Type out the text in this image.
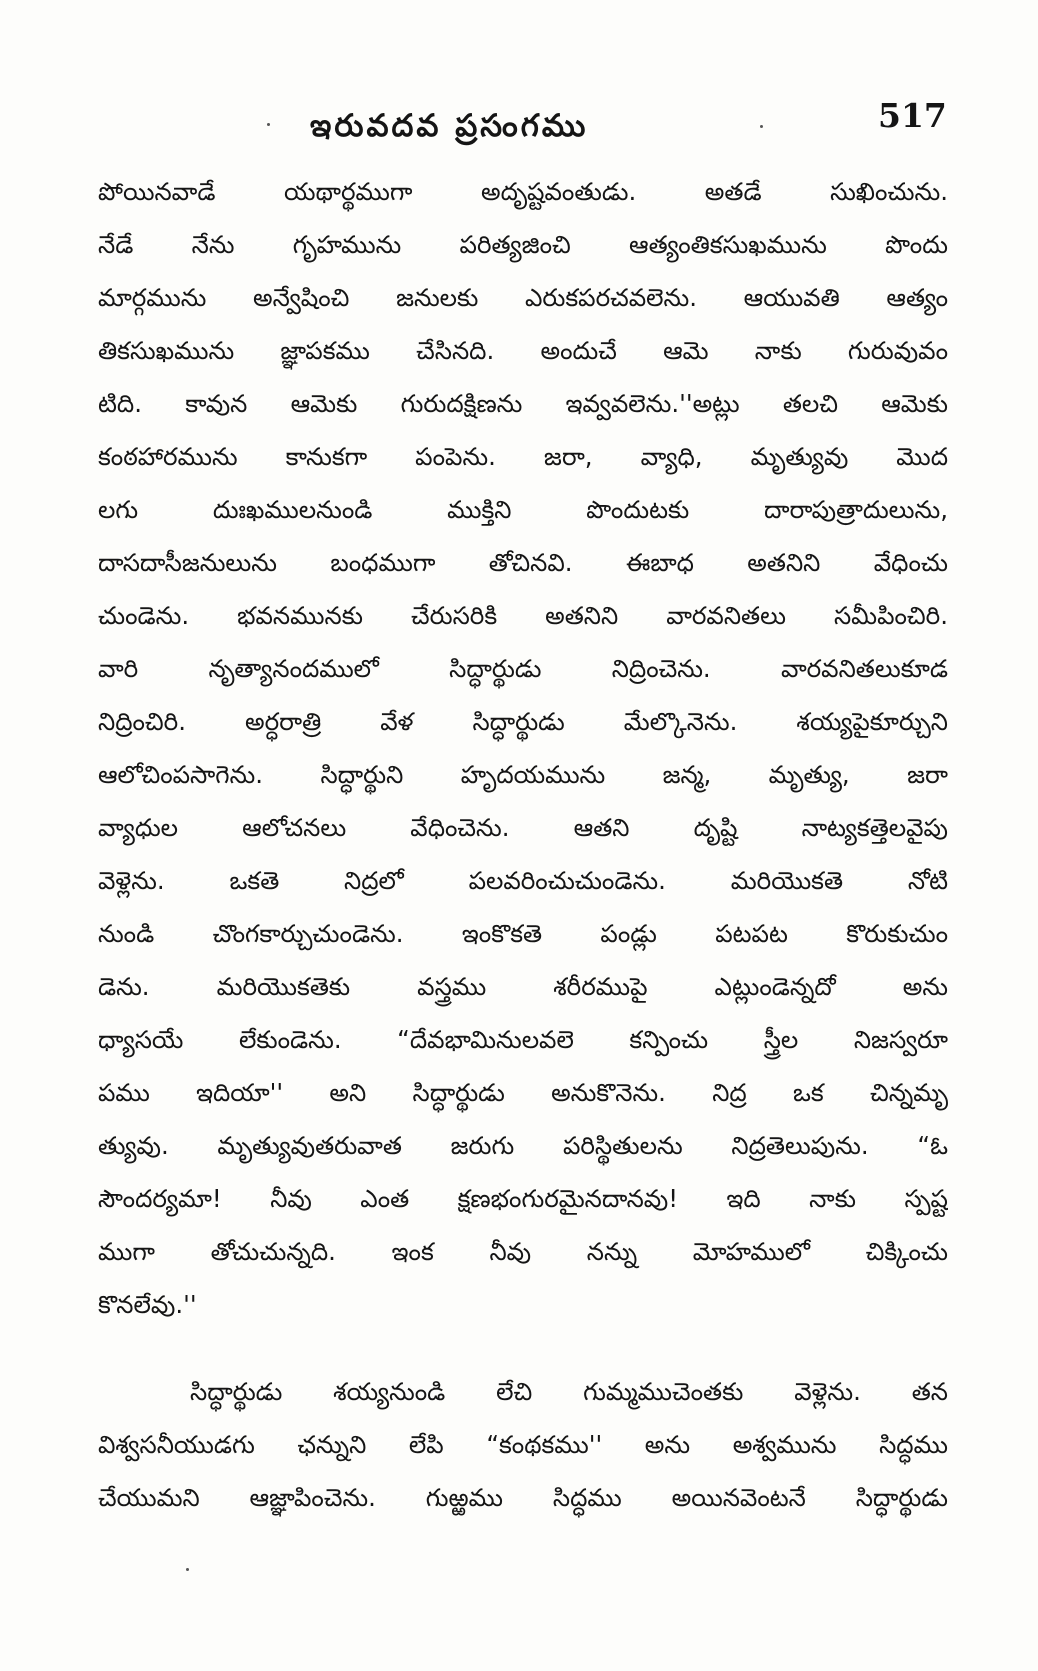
ఇరువదవ ప్రసంగము	517
పోయినవాడే యథార్థముగా అదృష్టవంతుడు. అతడే సుఖించును.
నేడే నేను గృహమును పరిత్యజించి ఆత్యంతికసుఖమును పొందు
మార్గమును అన్వేషించి జనులకు ఎరుకపరచవలెను. ఆయువతి ఆత్యం
తికసుఖమును జ్ఞాపకము చేసినది. అందుచే ఆమె నాకు గురువువం
టిది. కావున ఆమెకు గురుదక్షిణను ఇవ్వవలెను.''అట్లు తలచి ఆమెకు
కంఠహారమును కానుకగా పంపెను. జరా, వ్యాధి, మృత్యువు మొద
లగు దుఃఖములనుండి ముక్తిని పొందుటకు దారాపుత్రాదులును,
దాసదాసీజనులును బంధముగా తోచినవి. ఈబాధ అతనిని వేధించు
చుండెను. భవనమునకు చేరుసరికి అతనిని వారవనితలు సమీపించిరి.
వారి నృత్యానందములో సిద్ధార్థుడు నిద్రించెను. వారవనితలుకూడ
నిద్రించిరి. అర్ధరాత్రి వేళ సిద్ధార్థుడు మేల్కొనెను. శయ్యపైకూర్చుని
ఆలోచింపసాగెను. సిద్ధార్థుని హృదయమును జన్మ, మృత్యు, జరా
వ్యాధుల ఆలోచనలు వేధించెను. ఆతని దృష్టి నాట్యకత్తెలవైపు
వెళ్లెను. ఒకతె నిద్రలో పలవరించుచుండెను. మరియొకతె నోటి
నుండి చొంగకార్చుచుండెను. ఇంకొకతె పండ్లు పటపట కొరుకుచుం
డెను. మరియొకతెకు వస్త్రము శరీరముపై ఎట్లుండెన్నదో అను
ధ్యాసయే లేకుండెను. “దేవభామినులవలె కన్పించు స్త్రీల నిజస్వరూ
పము ఇదియా'' అని సిద్ధార్థుడు అనుకొనెను. నిద్ర ఒక చిన్నమృ
త్యువు. మృత్యువుతరువాత జరుగు పరిస్థితులను నిద్రతెలుపును. “ఓ
సౌందర్యమా! నీవు ఎంత క్షణభంగురమైనదానవు! ఇది నాకు స్పష్ట
ముగా తోచుచున్నది. ఇంక నీవు నన్ను మోహములో చిక్కించు
కొనలేవు.''
సిద్ధార్థుడు శయ్యనుండి లేచి గుమ్మముచెంతకు వెళ్లెను. తన
విశ్వసనీయుడగు ఛన్నుని లేపి “కంథకము'' అను అశ్వమును సిద్ధము
చేయుమని ఆజ్ఞాపించెను. గుఱ్ఱము సిద్ధము అయినవెంటనే సిద్ధార్థుడు
